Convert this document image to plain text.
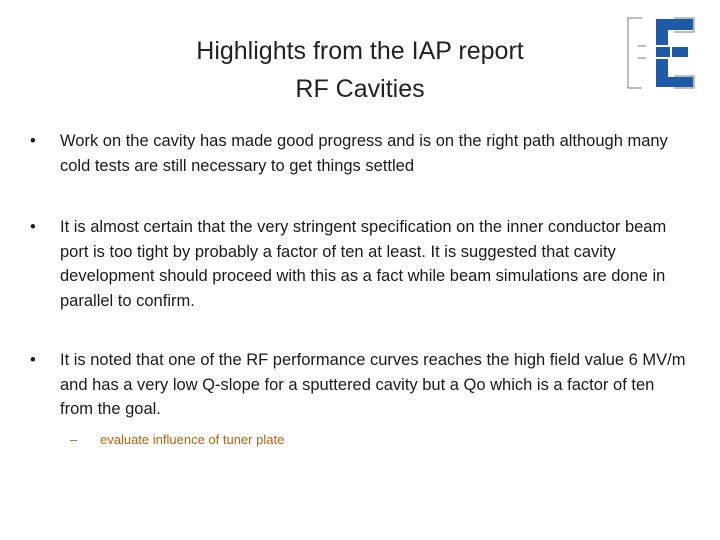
Highlights from the IAP report
RF Cavities
• Work on the cavity has made good progress and is on the right path although many cold tests are still necessary to get things settled
• It is almost certain that the very stringent specification on the inner conductor beam port is too tight by probably a factor of ten at least. It is suggested that cavity development should proceed with this as a fact while beam simulations are done in parallel to confirm.
• It is noted that one of the RF performance curves reaches the high field value 6 MV/m and has a very low Q-slope for a sputtered cavity but a Qo which is a factor of ten from the goal.
– evaluate influence of tuner plate
